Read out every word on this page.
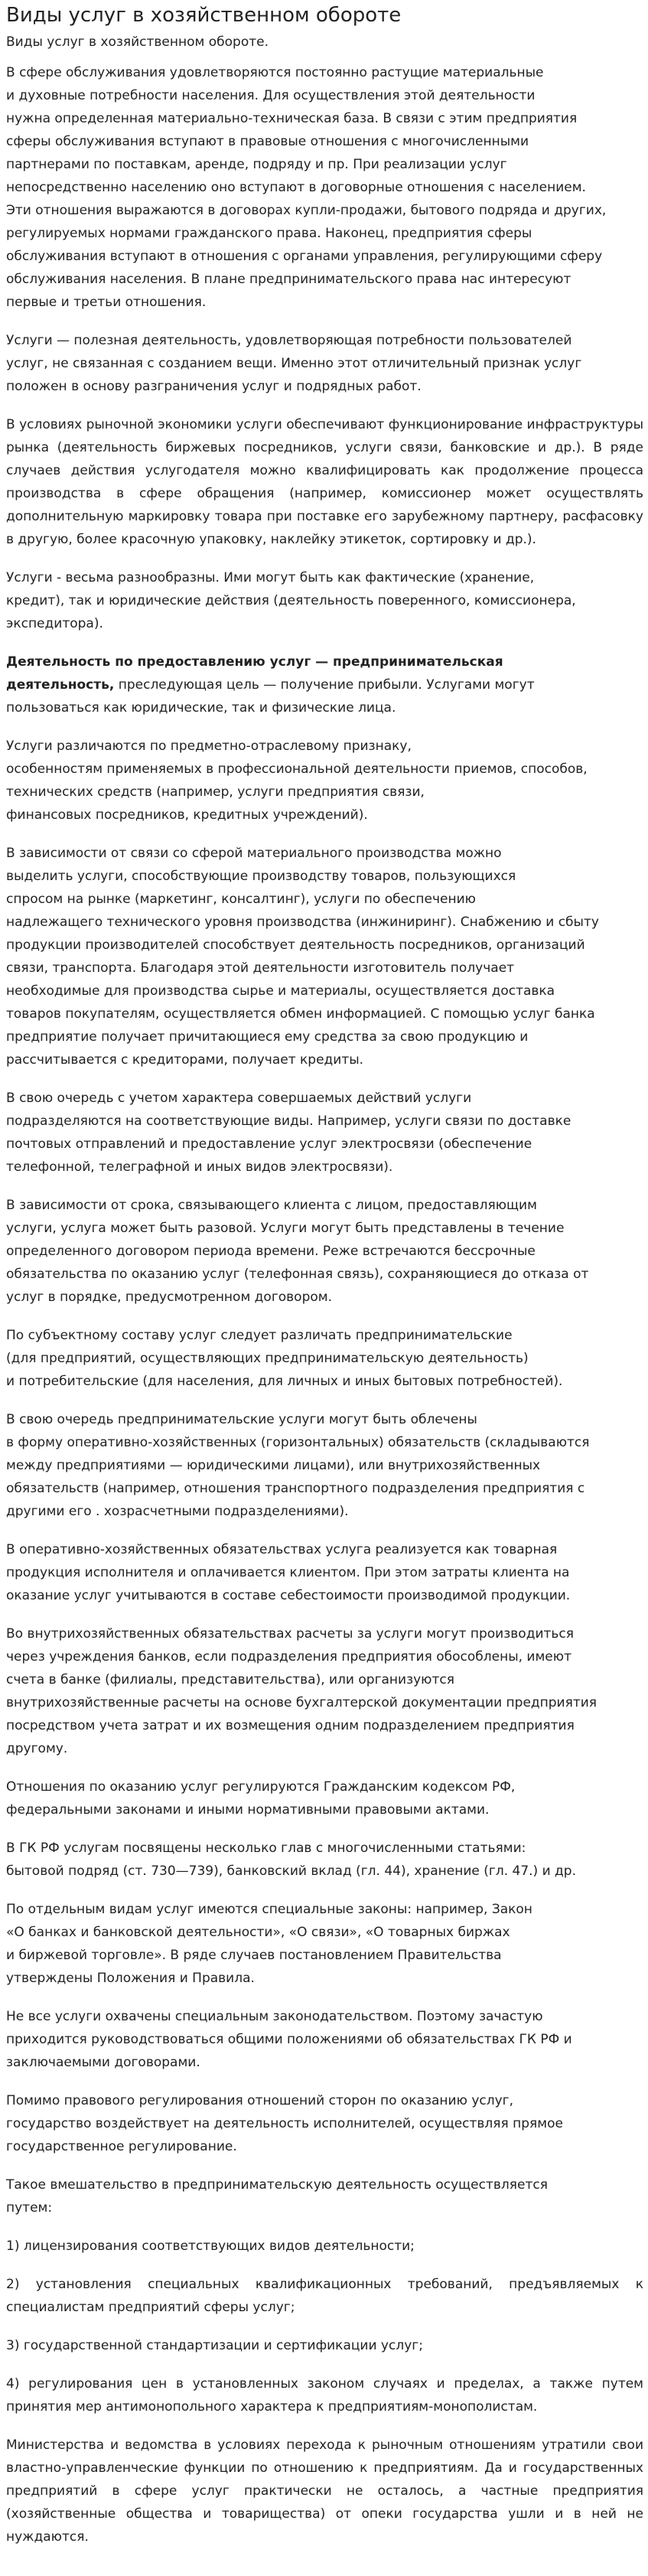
Виды услуг в хозяйственном обороте

Виды услуг в хозяйственном обороте.

В сфере обслуживания удовлетворяются постоянно растущие материальные
и духовные потребности населения. Для осуществления этой деятельности
нужна определенная материально-техническая база. В связи с этим предприятия
сферы обслуживания вступают в правовые отношения с многочисленными
партнерами по поставкам, аренде, подряду и пр. При реализации услуг
непосредственно населению оно вступают в договорные отношения с населением.
Эти отношения выражаются в договорах купли-продажи, бытового подряда и других,
регулируемых нормами гражданского права. Наконец, предприятия сферы
обслуживания вступают в отношения с органами управления, регулирующими сферу
обслуживания населения. В плане предпринимательского права нас интересуют
первые и третьи отношения.

Услуги — полезная деятельность, удовлетворяющая потребности пользователей
услуг, не связанная с созданием вещи. Именно этот отличительный признак услуг
положен в основу разграничения услуг и подрядных работ.

В условиях рыночной экономики услуги обеспечивают функционирование инфраструктуры рынка (деятельность биржевых посредников, услуги связи, банковские и др.). В ряде случаев действия услугодателя можно квалифицировать как продолжение процесса производства в сфере обращения (например, комиссионер может осуществлять дополнительную маркировку товара при поставке его зарубежному партнеру, расфасовку в другую, более красочную упаковку, наклейку этикеток, сортировку и др.).

Услуги - весьма разнообразны. Ими могут быть как фактические (хранение,
кредит), так и юридические действия (деятельность поверенного, комиссионера,
экспедитора).

Деятельность по предоставлению услуг — предпринимательская
деятельность, преследующая цель — получение прибыли. Услугами могут
пользоваться как юридические, так и физические лица.

Услуги различаются по предметно-отраслевому признаку,
особенностям применяемых в профессиональной деятельности приемов, способов,
технических средств (например, услуги предприятия связи,
финансовых посредников, кредитных учреждений).

В зависимости от связи со сферой материального производства можно
выделить услуги, способствующие производству товаров, пользующихся
спросом на рынке (маркетинг, консалтинг), услуги по обеспечению
надлежащего технического уровня производства (инжиниринг). Снабжению и сбыту
продукции производителей способствует деятельность посредников, организаций
связи, транспорта. Благодаря этой деятельности изготовитель получает
необходимые для производства сырье и материалы, осуществляется доставка
товаров покупателям, осуществляется обмен информацией. С помощью услуг банка
предприятие получает причитающиеся ему средства за свою продукцию и
рассчитывается с кредиторами, получает кредиты.

В свою очередь с учетом характера совершаемых действий услуги
подразделяются на соответствующие виды. Например, услуги связи по доставке
почтовых отправлений и предоставление услуг электросвязи (обеспечение
телефонной, телеграфной и иных видов электросвязи).

В зависимости от срока, связывающего клиента с лицом, предоставляющим
услуги, услуга может быть разовой. Услуги могут быть представлены в течение
определенного договором периода времени. Реже встречаются бессрочные
обязательства по оказанию услуг (телефонная связь), сохраняющиеся до отказа от
услуг в порядке, предусмотренном договором.

По субъектному составу услуг следует различать предпринимательские
(для предприятий, осуществляющих предпринимательскую деятельность)
и потребительские (для населения, для личных и иных бытовых потребностей).

В свою очередь предпринимательские услуги могут быть облечены
в форму оперативно-хозяйственных (горизонтальных) обязательств (складываются
между предприятиями — юридическими лицами), или внутрихозяйственных
обязательств (например, отношения транспортного подразделения предприятия с
другими его . хозрасчетными подразделениями).

В оперативно-хозяйственных обязательствах услуга реализуется как товарная
продукция исполнителя и оплачивается клиентом. При этом затраты клиента на
оказание услуг учитываются в составе себестоимости производимой продукции.

Во внутрихозяйственных обязательствах расчеты за услуги могут производиться
через учреждения банков, если подразделения предприятия обособлены, имеют
счета в банке (филиалы, представительства), или организуются
внутрихозяйственные расчеты на основе бухгалтерской документации предприятия
посредством учета затрат и их возмещения одним подразделением предприятия
другому.

Отношения по оказанию услуг регулируются Гражданским кодексом РФ,
федеральными законами и иными нормативными правовыми актами.

В ГК РФ услугам посвящены несколько глав с многочисленными статьями:
бытовой подряд (ст. 730—739), банковский вклад (гл. 44), хранение (гл. 47.) и др.

По отдельным видам услуг имеются специальные законы: например, Закон
«О банках и банковской деятельности», «О связи», «О товарных биржах
и биржевой торговле». В ряде случаев постановлением Правительства
утверждены Положения и Правила.

Не все услуги охвачены специальным законодательством. Поэтому зачастую
приходится руководствоваться общими положениями об обязательствах ГК РФ и
заключаемыми договорами.

Помимо правового регулирования отношений сторон по оказанию услуг,
государство воздействует на деятельность исполнителей, осуществляя прямое
государственное регулирование.

Такое вмешательство в предпринимательскую деятельность осуществляется
путем:

1) лицензирования соответствующих видов деятельности;

2) установления специальных квалификационных требований, предъявляемых к специалистам предприятий сферы услуг;

3) государственной стандартизации и сертификации услуг;

4) регулирования цен в установленных законом случаях и пределах, а также путем принятия мер антимонопольного характера к предприятиям-монополистам.

Министерства и ведомства в условиях перехода к рыночным отношениям утратили свои властно-управленческие функции по отношению к предприятиям. Да и государственных предприятий в сфере услуг практически не осталось, а частные предприятия (хозяйственные общества и товарищества) от опеки государства ушли и в ней не нуждаются.
